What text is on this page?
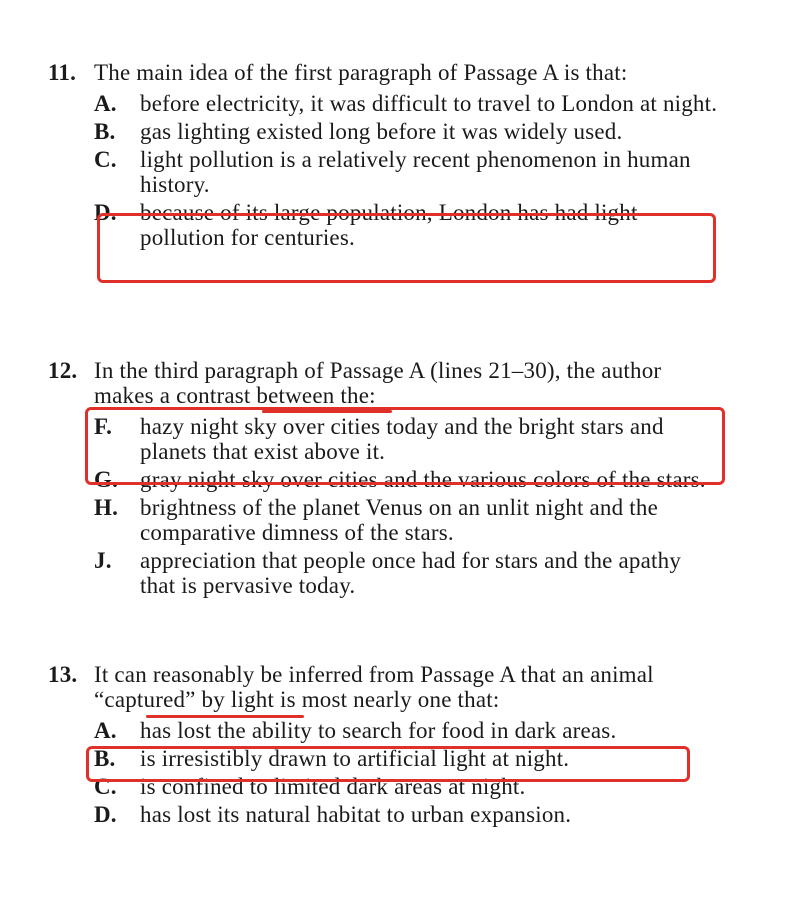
11. The main idea of the first paragraph of Passage A is that:
A. before electricity, it was difficult to travel to London at night.
B. gas lighting existed long before it was widely used.
C. light pollution is a relatively recent phenomenon in human history.
D. because of its large population, London has had light pollution for centuries.
12. In the third paragraph of Passage A (lines 21–30), the author makes a contrast between the:
F. hazy night sky over cities today and the bright stars and planets that exist above it.
G. gray night sky over cities and the various colors of the stars.
H. brightness of the planet Venus on an unlit night and the comparative dimness of the stars.
J. appreciation that people once had for stars and the apathy that is pervasive today.
13. It can reasonably be inferred from Passage A that an animal “captured” by light is most nearly one that:
A. has lost the ability to search for food in dark areas.
B. is irresistibly drawn to artificial light at night.
C. is confined to limited dark areas at night.
D. has lost its natural habitat to urban expansion.
